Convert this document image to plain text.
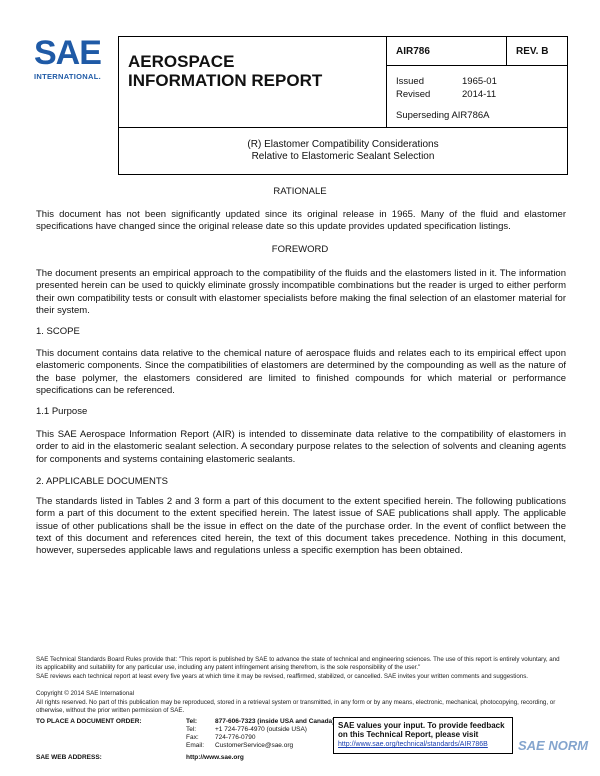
SAE
INTERNATIONAL.
AEROSPACE
INFORMATION REPORT
AIR786	REV. B
Issued	1965-01
Revised	2014-11
Superseding AIR786A
(R) Elastomer Compatibility Considerations
Relative to Elastomeric Sealant Selection
RATIONALE
This document has not been significantly updated since its original release in 1965. Many of the fluid and elastomer specifications have changed since the original release date so this update provides updated specification listings.
FOREWORD
The document presents an empirical approach to the compatibility of the fluids and the elastomers listed in it. The information presented herein can be used to quickly eliminate grossly incompatible combinations but the reader is urged to either perform their own compatibility tests or consult with elastomer specialists before making the final selection of an elastomer material for their system.
1. SCOPE
This document contains data relative to the chemical nature of aerospace fluids and relates each to its empirical effect upon elastomeric components. Since the compatibilities of elastomers are determined by the compounding as well as the nature of the base polymer, the elastomers considered are limited to finished compounds for which material or performance specifications can be referenced.
1.1 Purpose
This SAE Aerospace Information Report (AIR) is intended to disseminate data relative to the compatibility of elastomers in order to aid in the elastomeric sealant selection. A secondary purpose relates to the selection of solvents and cleaning agents for components and systems containing elastomeric sealants.
2. APPLICABLE DOCUMENTS
The standards listed in Tables 2 and 3 form a part of this document to the extent specified herein. The following publications form a part of this document to the extent specified herein. The latest issue of SAE publications shall apply. The applicable issue of other publications shall be the issue in effect on the date of the purchase order. In the event of conflict between the text of this document and references cited herein, the text of this document takes precedence. Nothing in this document, however, supersedes applicable laws and regulations unless a specific exemption has been obtained.
SAE Technical Standards Board Rules provide that: "This report is published by SAE to advance the state of technical and engineering sciences. The use of this report is entirely voluntary, and its applicability and suitability for any particular use, including any patent infringement arising therefrom, is the sole responsibility of the user."
SAE reviews each technical report at least every five years at which time it may be revised, reaffirmed, stabilized, or cancelled. SAE invites your written comments and suggestions.
Copyright © 2014 SAE International
All rights reserved. No part of this publication may be reproduced, stored in a retrieval system or transmitted, in any form or by any means, electronic, mechanical, photocopying, recording, or otherwise, without the prior written permission of SAE.
TO PLACE A DOCUMENT ORDER:	Tel:	877-606-7323 (inside USA and Canada)
Tel:	+1 724-776-4970 (outside USA)
Fax:	724-776-0790
Email: CustomerService@sae.org
SAE WEB ADDRESS:	http://www.sae.org
SAE values your input. To provide feedback
on this Technical Report, please visit
http://www.sae.org/technical/standards/AIR786B	SAE NORM
